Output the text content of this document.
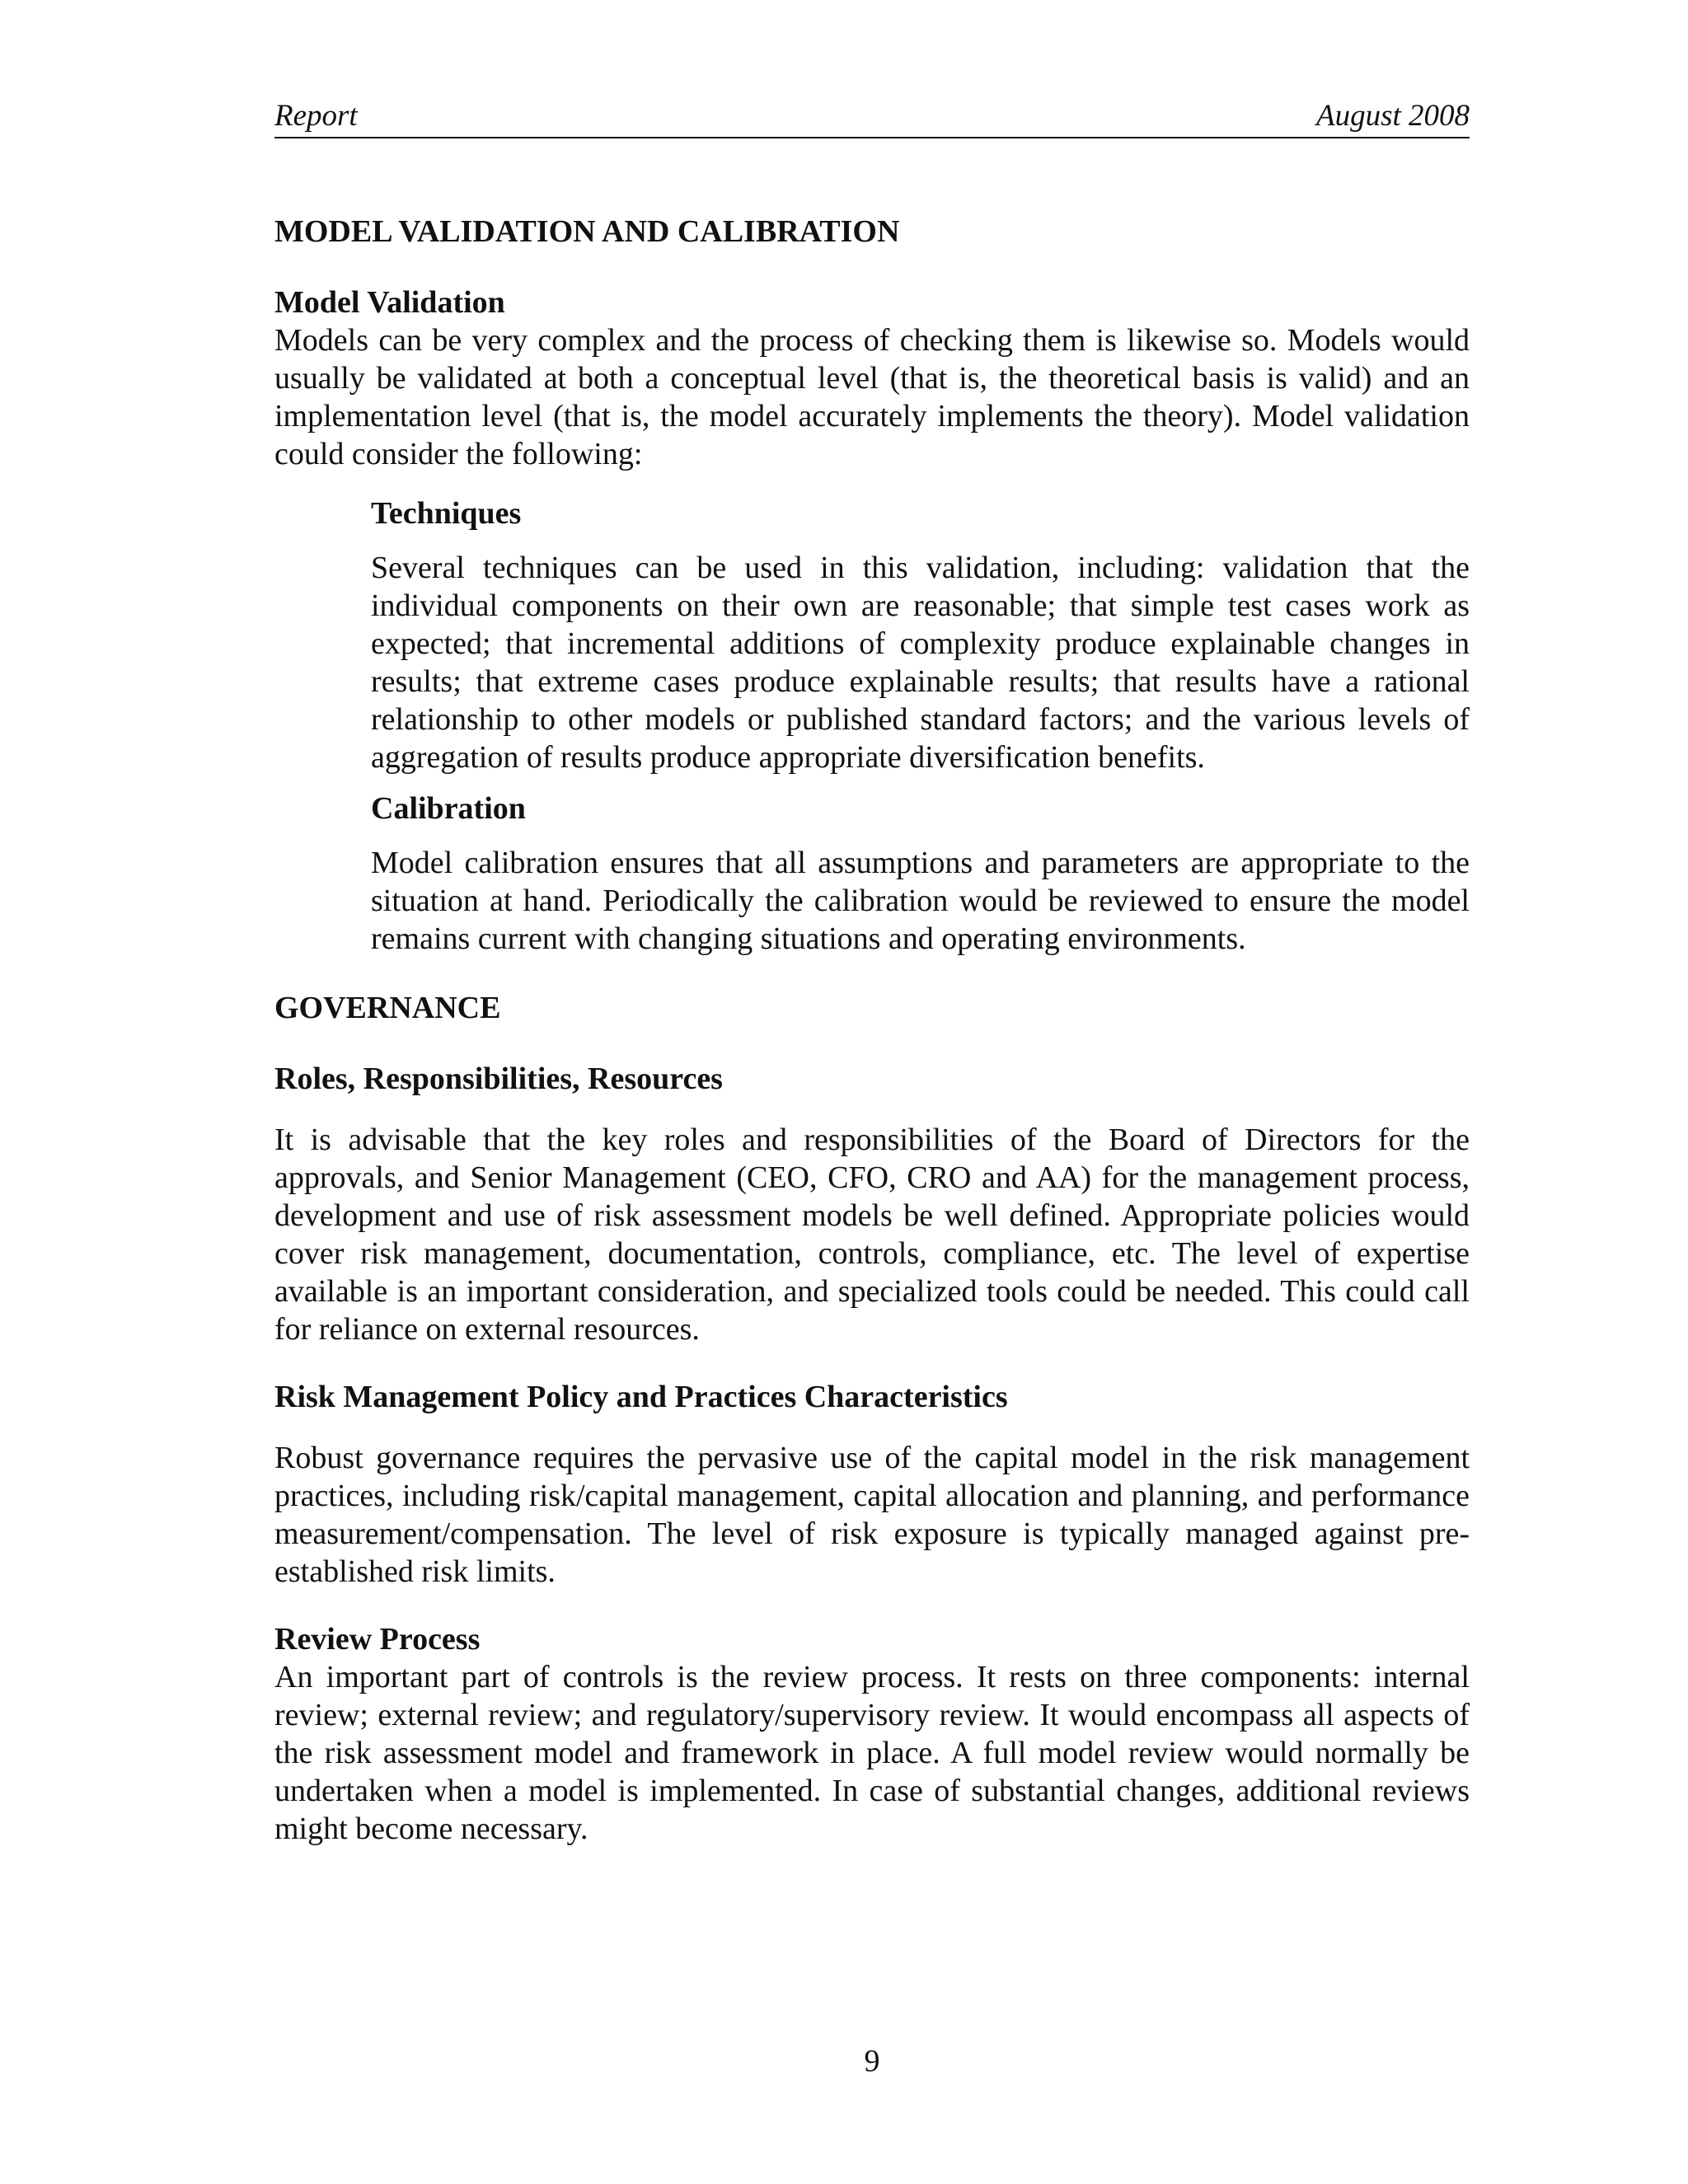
Report	August 2008
MODEL VALIDATION AND CALIBRATION
Model Validation

Models can be very complex and the process of checking them is likewise so. Models would usually be validated at both a conceptual level (that is, the theoretical basis is valid) and an implementation level (that is, the model accurately implements the theory). Model validation could consider the following:

Techniques

Several techniques can be used in this validation, including: validation that the individual components on their own are reasonable; that simple test cases work as expected; that incremental additions of complexity produce explainable changes in results; that extreme cases produce explainable results; that results have a rational relationship to other models or published standard factors; and the various levels of aggregation of results produce appropriate diversification benefits.

Calibration

Model calibration ensures that all assumptions and parameters are appropriate to the situation at hand. Periodically the calibration would be reviewed to ensure the model remains current with changing situations and operating environments.

GOVERNANCE
Roles, Responsibilities, Resources

It is advisable that the key roles and responsibilities of the Board of Directors for the approvals, and Senior Management (CEO, CFO, CRO and AA) for the management process, development and use of risk assessment models be well defined. Appropriate policies would cover risk management, documentation, controls, compliance, etc. The level of expertise available is an important consideration, and specialized tools could be needed. This could call for reliance on external resources.

Risk Management Policy and Practices Characteristics

Robust governance requires the pervasive use of the capital model in the risk management practices, including risk/capital management, capital allocation and planning, and performance measurement/compensation. The level of risk exposure is typically managed against pre-established risk limits.

Review Process

An important part of controls is the review process. It rests on three components: internal review; external review; and regulatory/supervisory review. It would encompass all aspects of the risk assessment model and framework in place. A full model review would normally be undertaken when a model is implemented. In case of substantial changes, additional reviews might become necessary.

9
